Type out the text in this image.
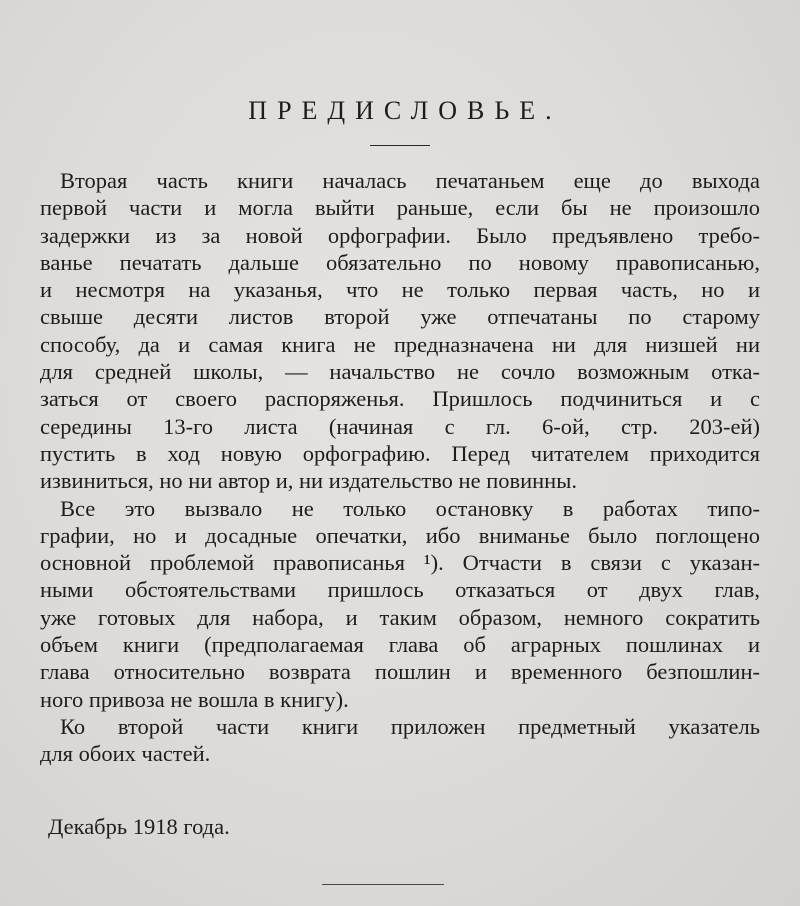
ПРЕДИСЛОВЬЕ.
Вторая часть книги началась печатаньем еще до выхода
первой части и могла выйти раньше, если бы не произошло
задержки из за новой орфографии. Было предъявлено требо-
ванье печатать дальше обязательно по новому правописанью,
и несмотря на указанья, что не только первая часть, но и
свыше десяти листов второй уже отпечатаны по старому
способу, да и самая книга не предназначена ни для низшей ни
для средней школы, — начальство не сочло возможным отка-
заться от своего распоряженья. Пришлось подчиниться и с
середины 13-го листа (начиная с гл. 6-ой, стр. 203-ей)
пустить в ход новую орфографию. Перед читателем приходится
извиниться, но ни автор и, ни издательство не повинны.
Все это вызвало не только остановку в работах типо-
графии, но и досадные опечатки, ибо вниманье было поглощено
основной проблемой правописанья ¹). Отчасти в связи с указан-
ными обстоятельствами пришлось отказаться от двух глав,
уже готовых для набора, и таким образом, немного сократить
объем книги (предполагаемая глава об аграрных пошлинах и
глава относительно возврата пошлин и временного безпошлин-
ного привоза не вошла в книгу).
Ко второй части книги приложен предметный указатель
для обоих частей.
Декабрь 1918 года.
